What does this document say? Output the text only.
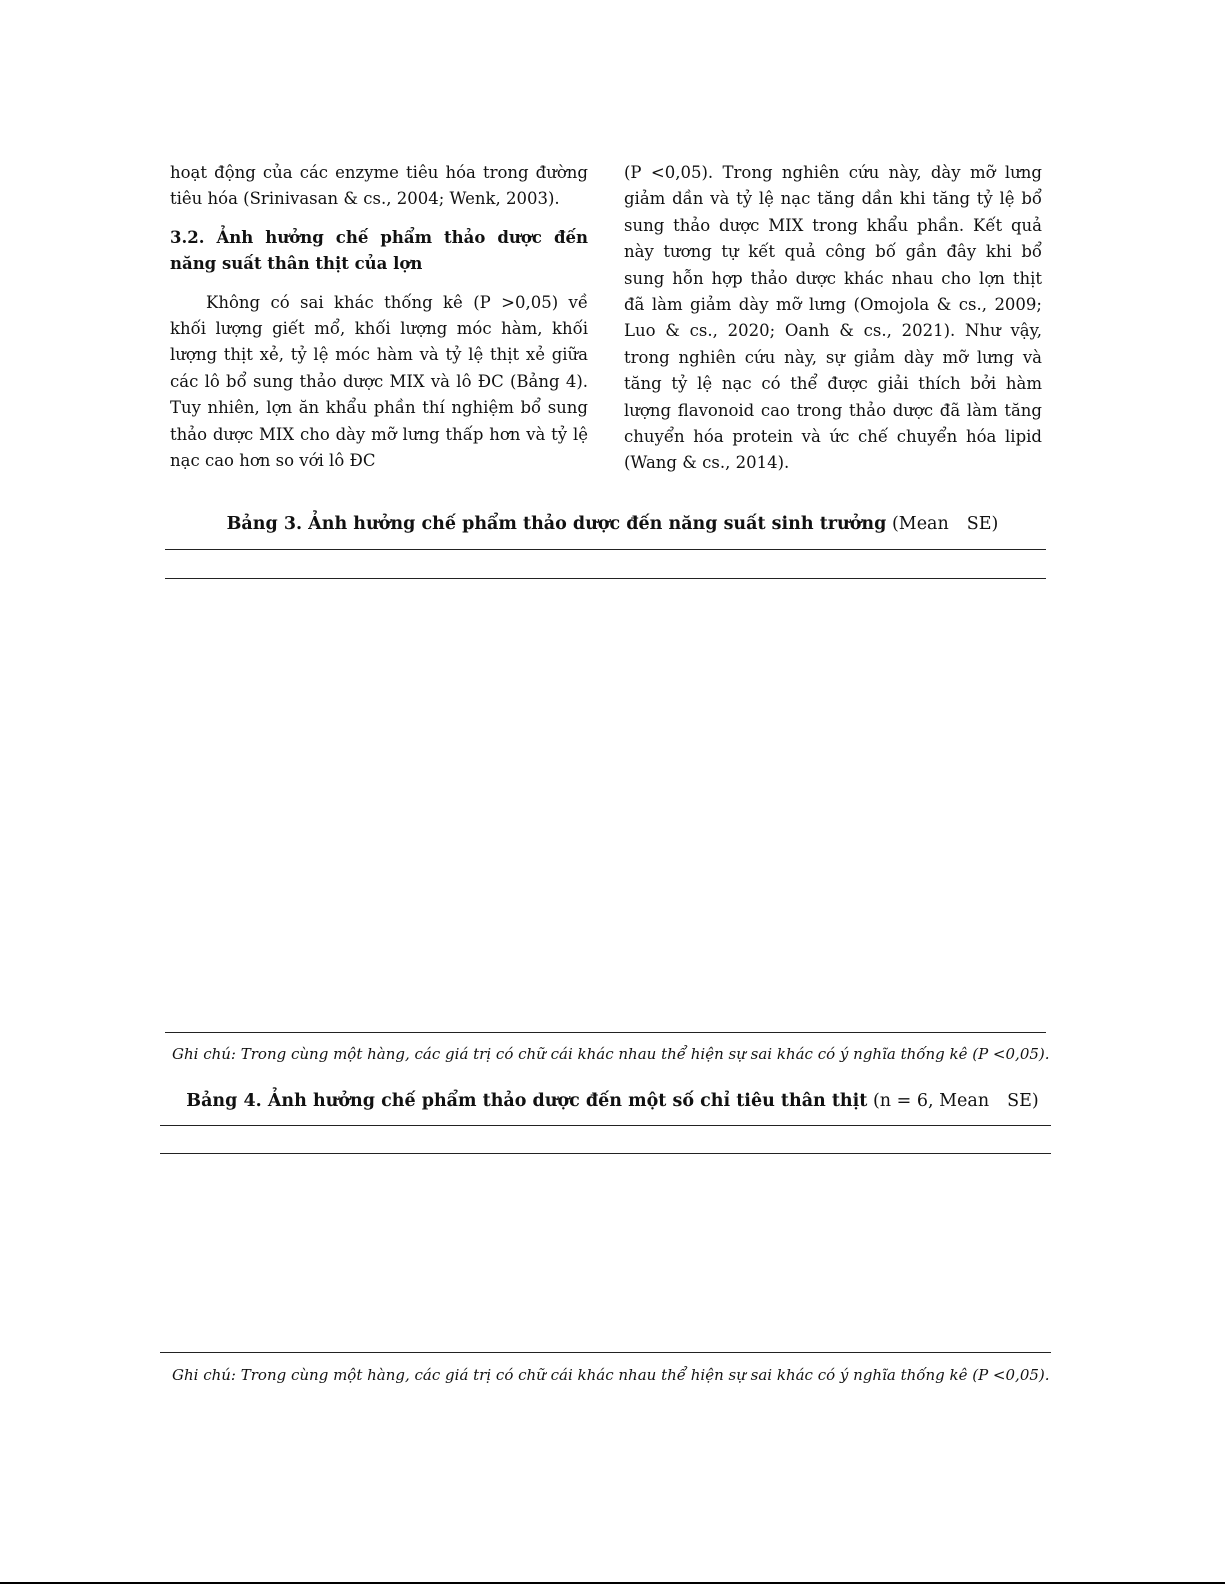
hoạt động của các enzyme tiêu hóa trong đường tiêu hóa (Srinivasan & cs., 2004; Wenk, 2003).

3.2. Ảnh hưởng chế phẩm thảo dược đến năng suất thân thịt của lợn

Không có sai khác thống kê (P >0,05) về khối lượng giết mổ, khối lượng móc hàm, khối lượng thịt xẻ, tỷ lệ móc hàm và tỷ lệ thịt xẻ giữa các lô bổ sung thảo dược MIX và lô ĐC (Bảng 4). Tuy nhiên, lợn ăn khẩu phần thí nghiệm bổ sung thảo dược MIX cho dày mỡ lưng thấp hơn và tỷ lệ nạc cao hơn so với lô ĐC

(P <0,05). Trong nghiên cứu này, dày mỡ lưng giảm dần và tỷ lệ nạc tăng dần khi tăng tỷ lệ bổ sung thảo dược MIX trong khẩu phần. Kết quả này tương tự kết quả công bố gần đây khi bổ sung hỗn hợp thảo dược khác nhau cho lợn thịt đã làm giảm dày mỡ lưng (Omojola & cs., 2009; Luo & cs., 2020; Oanh & cs., 2021). Như vậy, trong nghiên cứu này, sự giảm dày mỡ lưng và tăng tỷ lệ nạc có thể được giải thích bởi hàm lượng flavonoid cao trong thảo dược đã làm tăng chuyển hóa protein và ức chế chuyển hóa lipid (Wang & cs., 2014).

Bảng 3. Ảnh hưởng chế phẩm thảo dược đến năng suất sinh trưởng (Mean SE)
Ghi chú: Trong cùng một hàng, các giá trị có chữ cái khác nhau thể hiện sự sai khác có ý nghĩa thống kê (P <0,05).
Bảng 4. Ảnh hưởng chế phẩm thảo dược đến một số chỉ tiêu thân thịt (n = 6, Mean SE)
Ghi chú: Trong cùng một hàng, các giá trị có chữ cái khác nhau thể hiện sự sai khác có ý nghĩa thống kê (P <0,05).
